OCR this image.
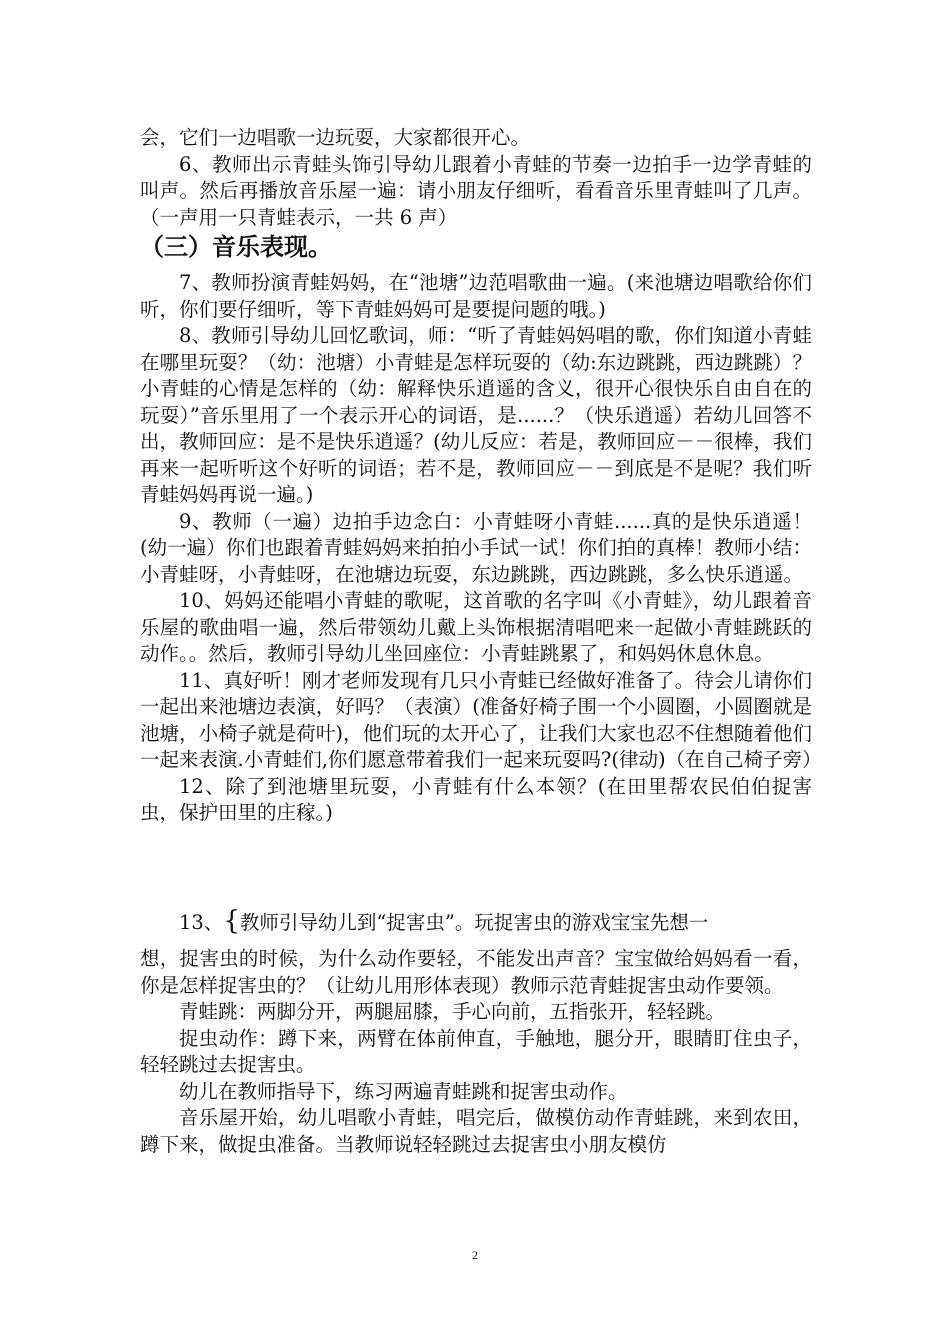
会，它们一边唱歌一边玩耍，大家都很开心。

6、教师出示青蛙头饰引导幼儿跟着小青蛙的节奏一边拍手一边学青蛙的叫声。然后再播放音乐屋一遍：请小朋友仔细听，看看音乐里青蛙叫了几声。（一声用一只青蛙表示，一共 6 声）

（三）音乐表现。

7、教师扮演青蛙妈妈，在“池塘”边范唱歌曲一遍。(来池塘边唱歌给你们听，你们要仔细听，等下青蛙妈妈可是要提问题的哦。)

8、教师引导幼儿回忆歌词，师：“听了青蛙妈妈唱的歌，你们知道小青蛙在哪里玩耍？（幼：池塘）小青蛙是怎样玩耍的（幼:东边跳跳，西边跳跳）？小青蛙的心情是怎样的（幼：解释快乐逍遥的含义，很开心很快乐自由自在的玩耍）”音乐里用了一个表示开心的词语，是......？（快乐逍遥）若幼儿回答不出，教师回应：是不是快乐逍遥？(幼儿反应：若是，教师回应－－很棒，我们再来一起听听这个好听的词语；若不是，教师回应－－到底是不是呢？我们听青蛙妈妈再说一遍。)

9、教师（一遍）边拍手边念白：小青蛙呀小青蛙......真的是快乐逍遥！(幼一遍）你们也跟着青蛙妈妈来拍拍小手试一试！你们拍的真棒！教师小结：小青蛙呀，小青蛙呀，在池塘边玩耍，东边跳跳，西边跳跳，多么快乐逍遥。

10、妈妈还能唱小青蛙的歌呢，这首歌的名字叫《小青蛙》，幼儿跟着音乐屋的歌曲唱一遍，然后带领幼儿戴上头饰根据清唱吧来一起做小青蛙跳跃的动作。。然后，教师引导幼儿坐回座位：小青蛙跳累了，和妈妈休息休息。

11、真好听！刚才老师发现有几只小青蛙已经做好准备了。待会儿请你们一起出来池塘边表演，好吗？（表演）(准备好椅子围一个小圆圈，小圆圈就是池塘，小椅子就是荷叶)，他们玩的太开心了，让我们大家也忍不住想随着他们一起来表演.小青蛙们,你们愿意带着我们一起来玩耍吗?(律动)（在自己椅子旁）

12、除了到池塘里玩耍，小青蛙有什么本领？(在田里帮农民伯伯捉害虫，保护田里的庄稼。)

13、{教师引导幼儿到“捉害虫”。玩捉害虫的游戏宝宝先想一

想，捉害虫的时候，为什么动作要轻，不能发出声音？宝宝做给妈妈看一看，你是怎样捉害虫的？（让幼儿用形体表现）教师示范青蛙捉害虫动作要领。

青蛙跳：两脚分开，两腿屈膝，手心向前，五指张开，轻轻跳。

捉虫动作：蹲下来，两臂在体前伸直，手触地，腿分开，眼睛盯住虫子，轻轻跳过去捉害虫。

幼儿在教师指导下，练习两遍青蛙跳和捉害虫动作。

音乐屋开始，幼儿唱歌小青蛙，唱完后，做模仿动作青蛙跳，来到农田，蹲下来，做捉虫准备。当教师说轻轻跳过去捉害虫小朋友模仿

2
